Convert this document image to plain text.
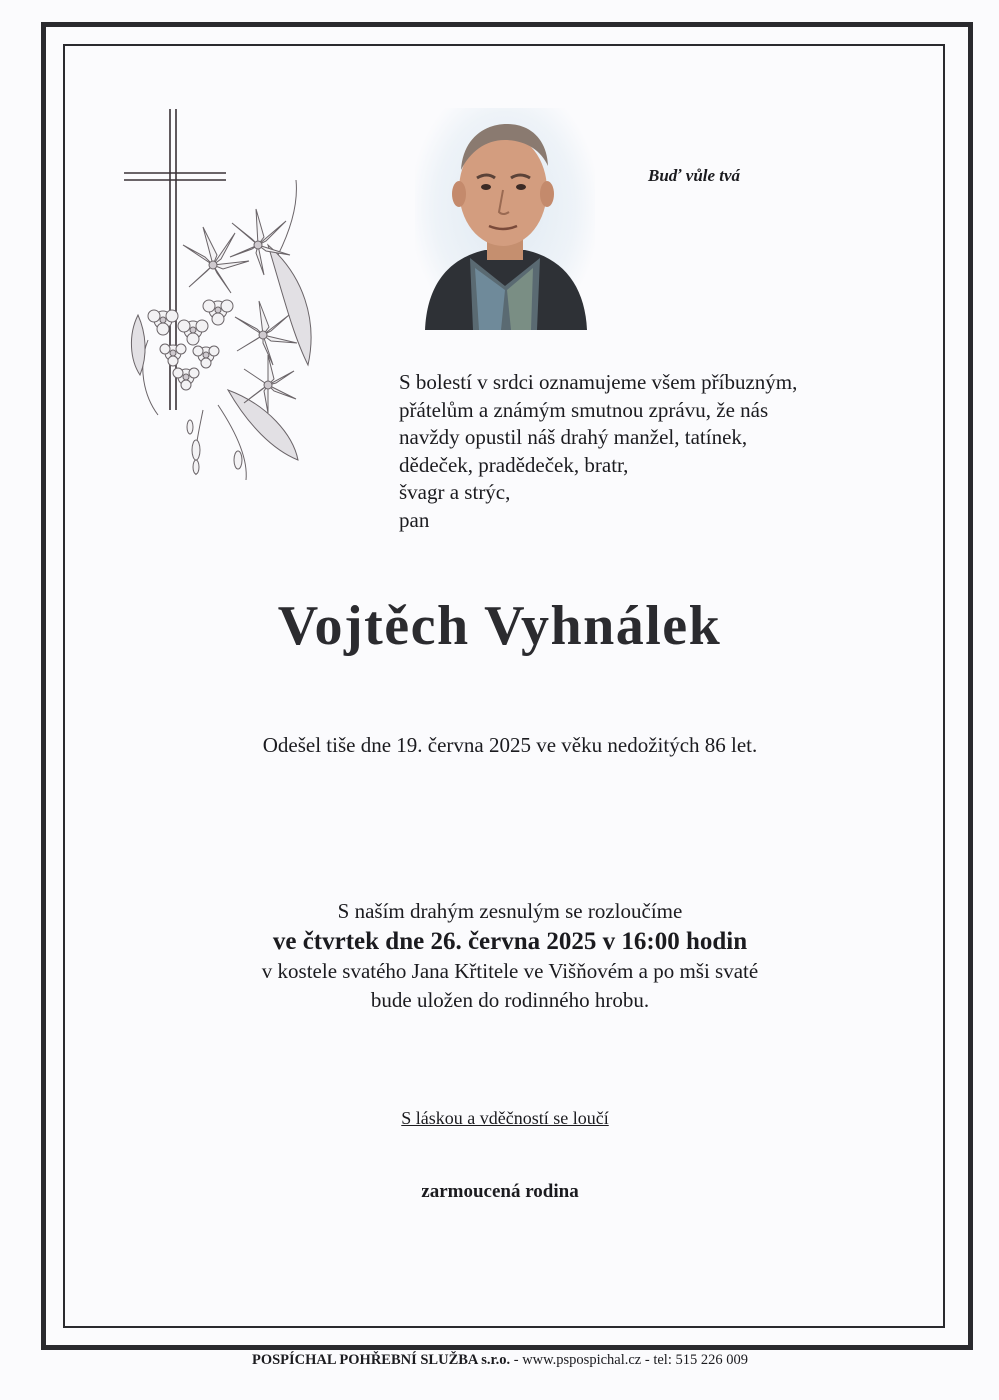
Buď vůle tvá
S bolestí v srdci oznamujeme všem příbuzným,
přátelům a známým smutnou zprávu, že nás
navždy opustil náš drahý manžel, tatínek,
dědeček, pradědeček, bratr,
švagr a strýc,
pan
Vojtěch Vyhnálek
Odešel tiše dne 19. června 2025 ve věku nedožitých 86 let.
S naším drahým zesnulým se rozloučíme
ve čtvrtek dne 26. června 2025 v 16:00 hodin
v kostele svatého Jana Křtitele ve Višňovém a po mši svaté
bude uložen do rodinného hrobu.
S láskou a vděčností se loučí
zarmoucená rodina
POSPÍCHAL POHŘEBNÍ SLUŽBA s.r.o. - www.pspospichal.cz - tel: 515 226 009
